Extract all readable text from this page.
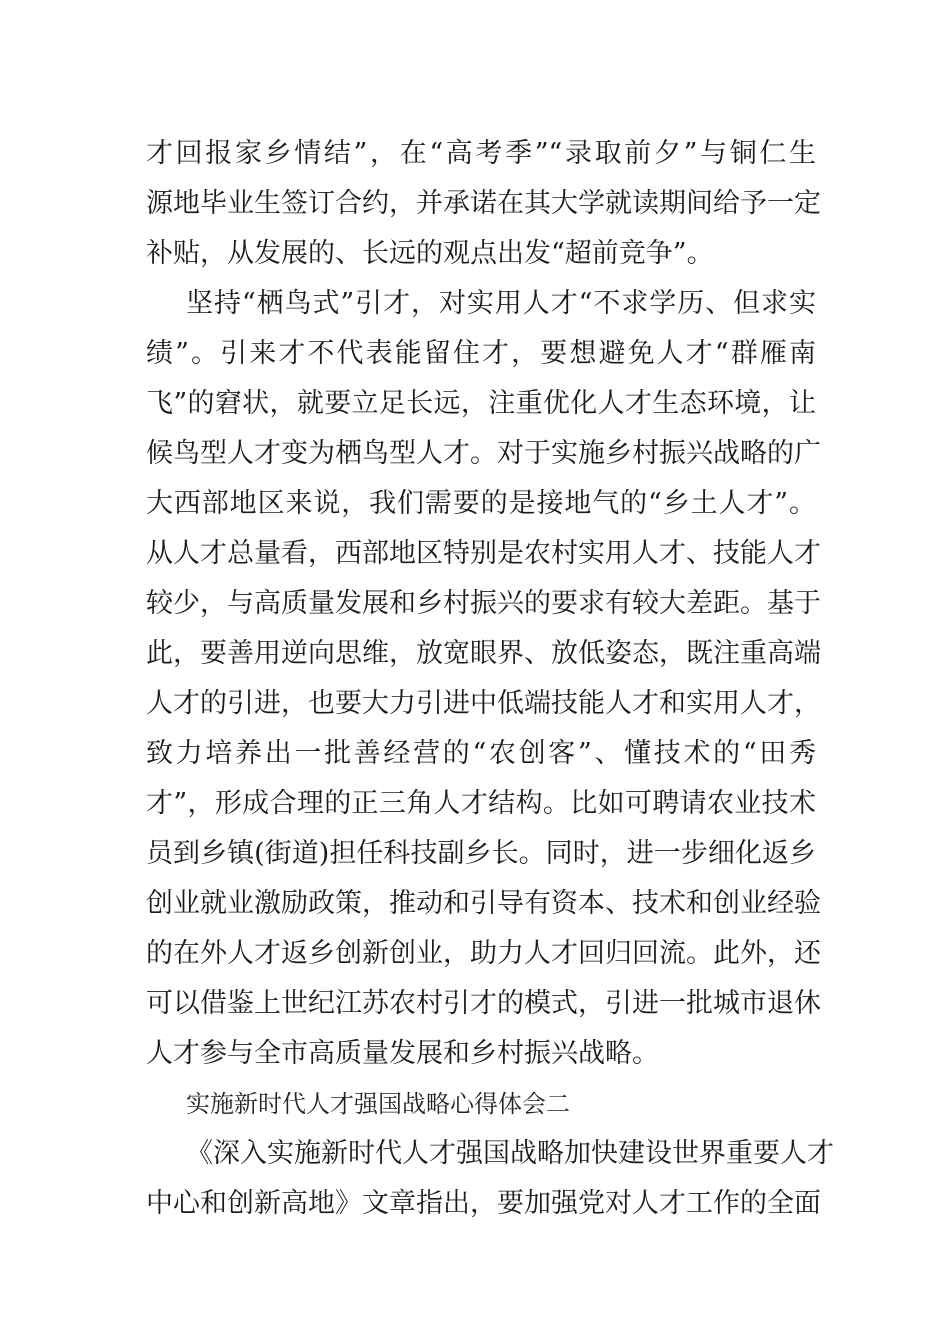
才回报家乡情结”，在“高考季”“录取前夕”与铜仁生
源地毕业生签订合约，并承诺在其大学就读期间给予一定
补贴，从发展的、长远的观点出发“超前竞争”。
坚持“栖鸟式”引才，对实用人才“不求学历、但求实
绩”。引来才不代表能留住才，要想避免人才“群雁南
飞”的窘状，就要立足长远，注重优化人才生态环境，让
候鸟型人才变为栖鸟型人才。对于实施乡村振兴战略的广
大西部地区来说，我们需要的是接地气的“乡土人才”。
从人才总量看，西部地区特别是农村实用人才、技能人才
较少，与高质量发展和乡村振兴的要求有较大差距。基于
此，要善用逆向思维，放宽眼界、放低姿态，既注重高端
人才的引进，也要大力引进中低端技能人才和实用人才，
致力培养出一批善经营的“农创客”、懂技术的“田秀
才”，形成合理的正三角人才结构。比如可聘请农业技术
员到乡镇(街道)担任科技副乡长。同时，进一步细化返乡
创业就业激励政策，推动和引导有资本、技术和创业经验
的在外人才返乡创新创业，助力人才回归回流。此外，还
可以借鉴上世纪江苏农村引才的模式，引进一批城市退休
人才参与全市高质量发展和乡村振兴战略。
实施新时代人才强国战略心得体会二
《深入实施新时代人才强国战略加快建设世界重要人才
中心和创新高地》文章指出，要加强党对人才工作的全面
